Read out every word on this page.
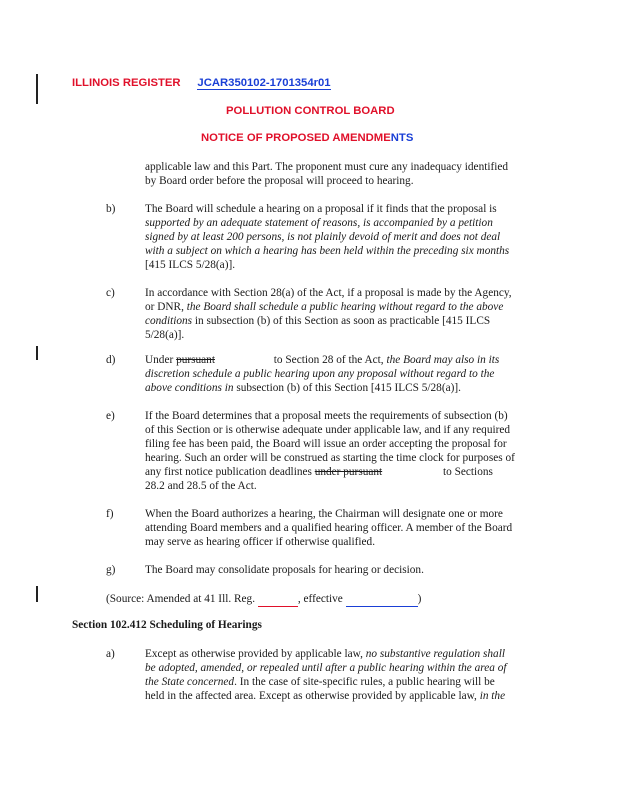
ILLINOIS REGISTER JCAR350102-1701354r01
POLLUTION CONTROL BOARD
NOTICE OF PROPOSED AMENDMENTS
applicable law and this Part. The proponent must cure any inadequacy identified
by Board order before the proposal will proceed to hearing.
b)	The Board will schedule a hearing on a proposal if it finds that the proposal is
supported by an adequate statement of reasons, is accompanied by a petition
signed by at least 200 persons, is not plainly devoid of merit and does not deal
with a subject on which a hearing has been held within the preceding six months
[415 ILCS 5/28(a)].
c)	In accordance with Section 28(a) of the Act, if a proposal is made by the Agency,
or DNR, the Board shall schedule a public hearing without regard to the above
conditions in subsection (b) of this Section as soon as practicable [415 ILCS
5/28(a)].
d)	Under pursuant	to Section 28 of the Act, the Board may also in its
discretion schedule a public hearing upon any proposal without regard to the
above conditions in subsection (b) of this Section [415 ILCS 5/28(a)].
e)	If the Board determines that a proposal meets the requirements of subsection (b)
of this Section or is otherwise adequate under applicable law, and if any required
filing fee has been paid, the Board will issue an order accepting the proposal for
hearing. Such an order will be construed as starting the time clock for purposes of
any first notice publication deadlines under pursuant	to Sections
28.2 and 28.5 of the Act.
f)	When the Board authorizes a hearing, the Chairman will designate one or more
attending Board members and a qualified hearing officer. A member of the Board
may serve as hearing officer if otherwise qualified.
g)	The Board may consolidate proposals for hearing or decision.
(Source: Amended at 41 Ill. Reg.	, effective	)
Section 102.412 Scheduling of Hearings
a)	Except as otherwise provided by applicable law, no substantive regulation shall
be adopted, amended, or repealed until after a public hearing within the area of
the State concerned. In the case of site-specific rules, a public hearing will be
held in the affected area. Except as otherwise provided by applicable law, in the
